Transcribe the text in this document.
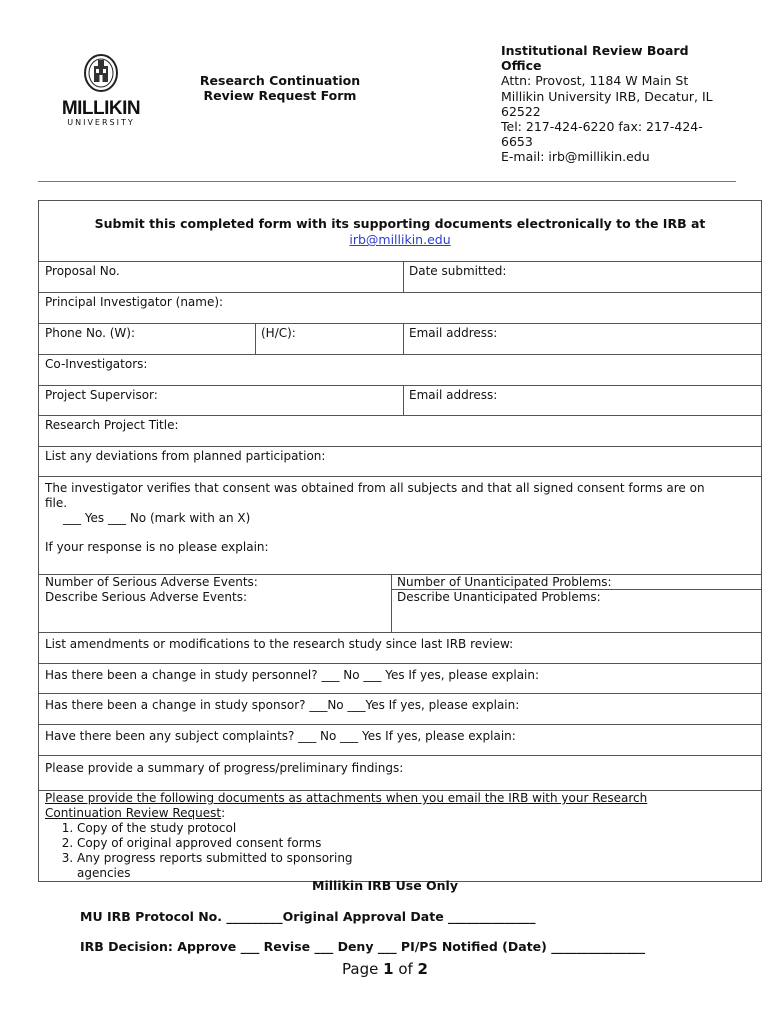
MILLIKIN
UNIVERSITY
Research Continuation
Review Request Form
Institutional Review Board
Office
Attn: Provost, 1184 W Main St
Millikin University IRB, Decatur, IL
62522
Tel: 217-424-6220 fax: 217-424-
6653
E-mail: irb@millikin.edu
Submit this completed form with its supporting documents electronically to the IRB at
irb@millikin.edu
Proposal No.	Date submitted:
Principal Investigator (name):
Phone No. (W):	(H/C):	Email address:
Co-Investigators:
Project Supervisor:	Email address:
Research Project Title:
List any deviations from planned participation:
The investigator verifies that consent was obtained from all subjects and that all signed consent forms are on
file.
___ Yes ___ No (mark with an X)
If your response is no please explain:
Number of Serious Adverse Events:
Describe Serious Adverse Events:
Number of Unanticipated Problems:
Describe Unanticipated Problems:
List amendments or modifications to the research study since last IRB review:
Has there been a change in study personnel? ___ No ___ Yes If yes, please explain:
Has there been a change in study sponsor? ___No ___Yes If yes, please explain:
Have there been any subject complaints? ___ No ___ Yes If yes, please explain:
Please provide a summary of progress/preliminary findings:
Please provide the following documents as attachments when you email the IRB with your Research
Continuation Review Request:
1. Copy of the study protocol
2. Copy of original approved consent forms
3. Any progress reports submitted to sponsoring agencies
Millikin IRB Use Only
MU IRB Protocol No. _________Original Approval Date ______________
IRB Decision: Approve ___ Revise ___ Deny ___ PI/PS Notified (Date) _______________
Page 1 of 2
